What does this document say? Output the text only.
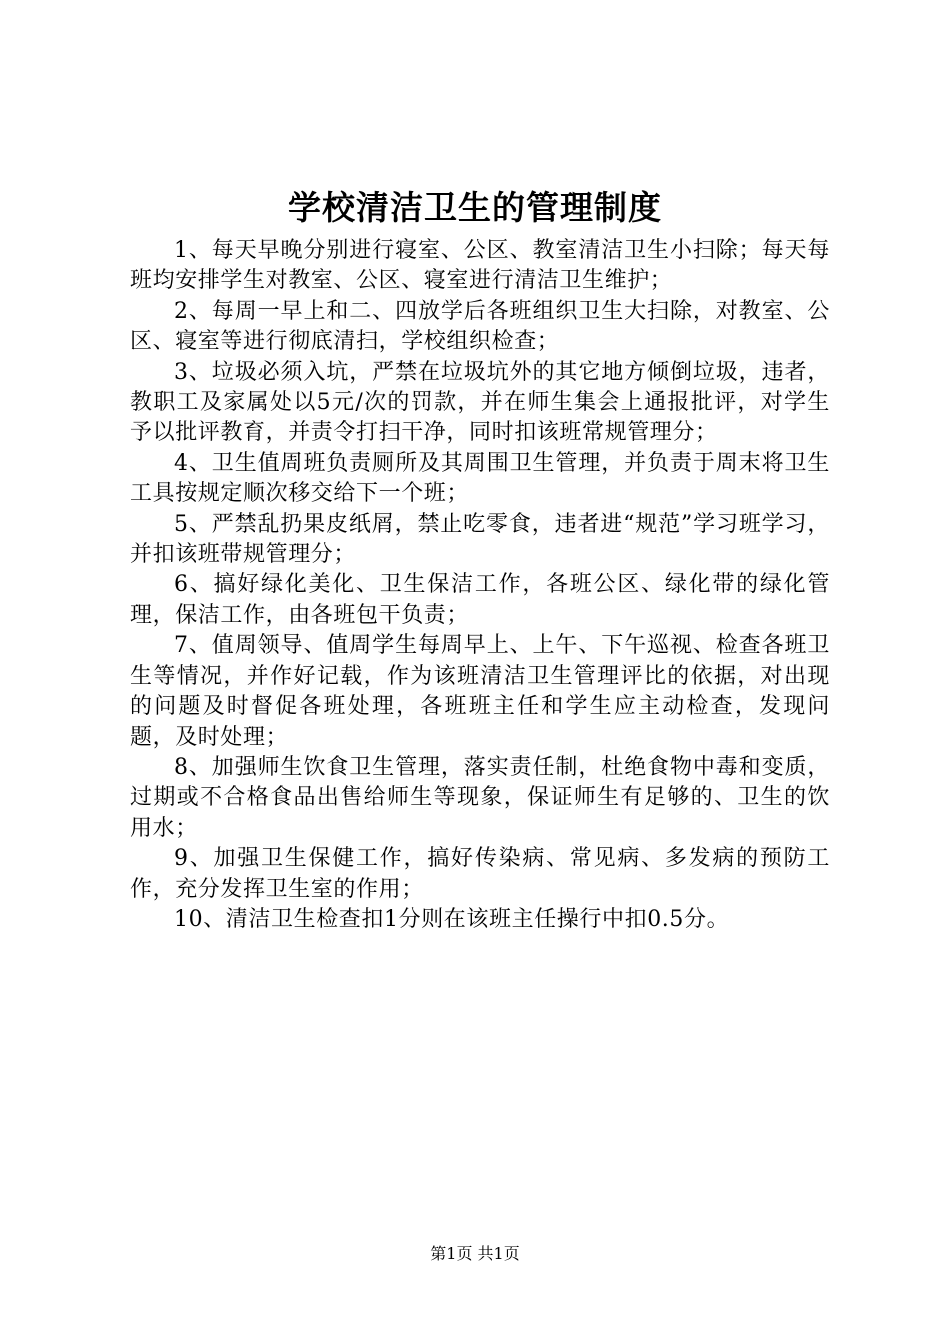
学校清洁卫生的管理制度

1、每天早晚分别进行寝室、公区、教室清洁卫生小扫除；每天每班均安排学生对教室、公区、寝室进行清洁卫生维护；

2、每周一早上和二、四放学后各班组织卫生大扫除，对教室、公区、寝室等进行彻底清扫，学校组织检查；

3、垃圾必须入坑，严禁在垃圾坑外的其它地方倾倒垃圾，违者，教职工及家属处以5元/次的罚款，并在师生集会上通报批评，对学生予以批评教育，并责令打扫干净，同时扣该班常规管理分；

4、卫生值周班负责厕所及其周围卫生管理，并负责于周末将卫生工具按规定顺次移交给下一个班；

5、严禁乱扔果皮纸屑，禁止吃零食，违者进“规范”学习班学习，并扣该班带规管理分；

6、搞好绿化美化、卫生保洁工作，各班公区、绿化带的绿化管理，保洁工作，由各班包干负责；

7、值周领导、值周学生每周早上、上午、下午巡视、检查各班卫生等情况，并作好记载，作为该班清洁卫生管理评比的依据，对出现的问题及时督促各班处理，各班班主任和学生应主动检查，发现问题，及时处理；

8、加强师生饮食卫生管理，落实责任制，杜绝食物中毒和变质，过期或不合格食品出售给师生等现象，保证师生有足够的、卫生的饮用水；

9、加强卫生保健工作，搞好传染病、常见病、多发病的预防工作，充分发挥卫生室的作用；

10、清洁卫生检查扣1分则在该班主任操行中扣0.5分。

第1页 共1页
